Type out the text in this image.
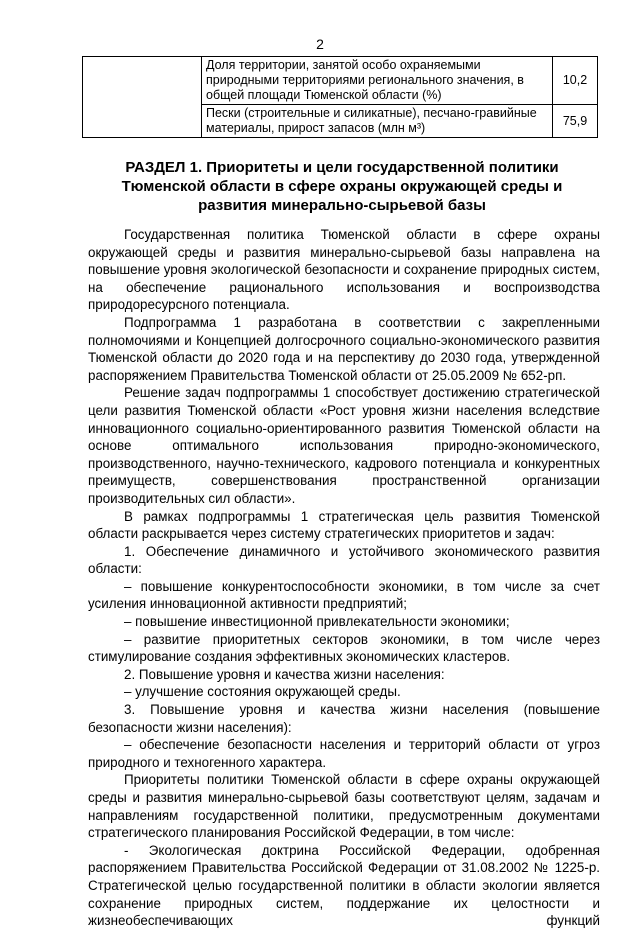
2
	Доля территории, занятой особо охраняемыми природными территориями регионального значения, в общей площади Тюменской области (%)	10,2
	Пески (строительные и силикатные), песчано-гравийные материалы, прирост запасов (млн м³)	75,9
РАЗДЕЛ 1. Приоритеты и цели государственной политики Тюменской области в сфере охраны окружающей среды и развития минерально-сырьевой базы

Государственная политика Тюменской области в сфере охраны окружающей среды и развития минерально-сырьевой базы направлена на повышение уровня экологической безопасности и сохранение природных систем, на обеспечение рационального использования и воспроизводства природоресурсного потенциала.

Подпрограмма 1 разработана в соответствии с закрепленными полномочиями и Концепцией долгосрочного социально-экономического развития Тюменской области до 2020 года и на перспективу до 2030 года, утвержденной распоряжением Правительства Тюменской области от 25.05.2009 № 652-рп.

Решение задач подпрограммы 1 способствует достижению стратегической цели развития Тюменской области «Рост уровня жизни населения вследствие инновационного социально-ориентированного развития Тюменской области на основе оптимального использования природно-экономического, производственного, научно-технического, кадрового потенциала и конкурентных преимуществ, совершенствования пространственной организации производительных сил области».

В рамках подпрограммы 1 стратегическая цель развития Тюменской области раскрывается через систему стратегических приоритетов и задач:

1. Обеспечение динамичного и устойчивого экономического развития области:

– повышение конкурентоспособности экономики, в том числе за счет усиления инновационной активности предприятий;

– повышение инвестиционной привлекательности экономики;

– развитие приоритетных секторов экономики, в том числе через стимулирование создания эффективных экономических кластеров.

2. Повышение уровня и качества жизни населения:

– улучшение состояния окружающей среды.

3. Повышение уровня и качества жизни населения (повышение безопасности жизни населения):

– обеспечение безопасности населения и территорий области от угроз природного и техногенного характера.

Приоритеты политики Тюменской области в сфере охраны окружающей среды и развития минерально-сырьевой базы соответствуют целям, задачам и направлениям государственной политики, предусмотренным документами стратегического планирования Российской Федерации, в том числе:

- Экологическая доктрина Российской Федерации, одобренная распоряжением Правительства Российской Федерации от 31.08.2002 № 1225-р. Стратегической целью государственной политики в области экологии является сохранение природных систем, поддержание их целостности и жизнеобеспечивающих функций
